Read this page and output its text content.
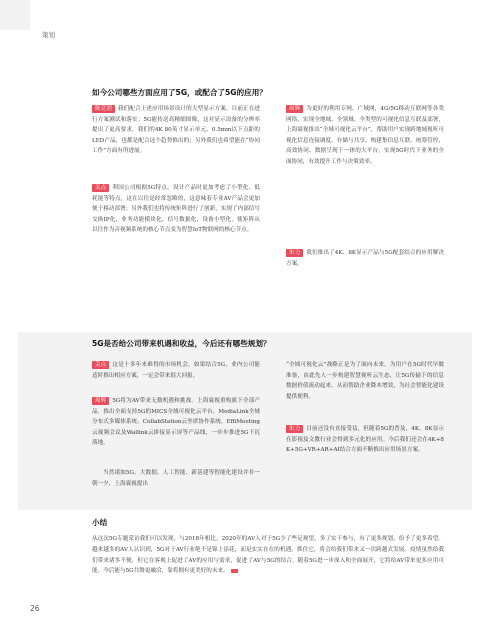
策划
如今公司哪些方面应用了5G，或配合了5G的应用？
陈竞润 我们配合上述应用场景设计的大型显示方案，目前正在进行方案测试和落实；5G能传送高精细图像，这对显示设备的分辨率提出了更高要求，我们的4K 80英寸显示单元、0.5mm以下点距的LED产品，也都是配合这个趋势推出的；另外我们也希望能在“协同工作”方面有所进展。
关点 利国公司根据5G特点，设计产品时更加考虑了小型化、低耗能等特点，这在以往是经常忽略的，这意味着专业AV产品会更加便于移动部署；另外我们也将传统矩阵进行了创新，实现了内部信号交换IP化，业务功能模块化，信号数据化，设备小型化，使矩阵从以往作为音视频系统的核心节点变为智慧IoT物联网的核心节点。
周辉 为更好的利用专网、广域网，4G/5G移动互联网等各类网络，实现全地域、全领域、全类型的可视化信息互联及部署，上海寰视推出“全域可视化云平台”，帮助用户实现跨地域视听可视化信息连接调度、存储与共享，构建集信息互联、统筹管控、高效协同、数据呈现于一体的大平台，实现5G时代下业务的全面协同，有效提升工作与决策效率。
朱力 我们推出了4K、8K显示产品与5G配套结合的应用解决方案。
5G是否给公司带来机遇和收益，今后还有哪些规划？
关点 这是十多年来难得的市场机会，如果结合5G，业内公司能适时推出相应方案，一定会带来很大回报。
周辉 5G将为AV带来无数机遇和挑战。上海寰视重构旗下全部产品，推出全面支持5G的MICS全域可视化云平台、MediaLink全域分布式多媒体系统、CollabStation云坐席协作系统、EffiMeeting云视频会议及Wallink云拼接显示屏等产品线，一步步推进5G下沉落地。
当然诸如5G、大数据、人工智能、新基建等智能化建设并非一朝一夕，上海寰视提出
“全域可视化云”战略正是为了面向未来，为用户在5G时代早做准备，由此先人一步构建智慧视听云生态，让5G传输下的信息数据价值流动起来，从而帮助企业降本增效，为社会智能化建设提供便利。
朱力 目前还没有直接受益，但随着5G的普及，4K、8K显示在影视及文教行业会得到多元化的应用。今后我们还会在4K+8K+5G+VR+AR+AI结合方面不断推出应用场景方案。
小结
从这次5G专题采访我们可以发现，与2018年相比，2020年的AV人对于5G少了些足观望，多了实干参与，有了更多规划，给予了更多希望。越来越多的AV人认识到，5G对于AV行业绝不是锦上添花，而是实实在在的机遇。抓住它，将会给我们带来又一次跨越式发展。疫情虽然给我们带来诸多不便，但它在客观上促进了AV的应用与需求，促进了AV与5G的结合。随着5G进一步深入和全面展开，它将给AV带来更多应用可能，今后能与5G共舞更融洽，靠将拥有更美好的未来。
26
